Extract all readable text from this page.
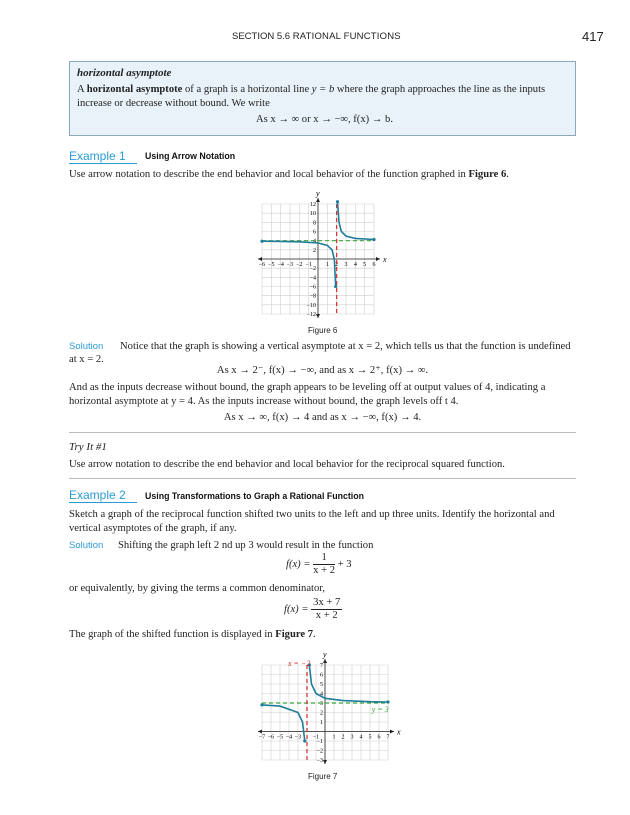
SECTION 5.6 RATIONAL FUNCTIONS	417
horizontal asymptote
A horizontal asymptote of a graph is a horizontal line y = b where the graph approaches the line as the inputs
increase or decrease without bound. We write
As x → ∞ or x → −∞, f(x) → b.
Example 1 Using Arrow Notation
Use arrow notation to describe the end behavior and local behavior of the function graphed in Figure 6.
x
y
−6 −5 −4 −3 −2 −1 1 2 3 4 5 6
−12
−10
−8
−6
−4
−2
2
4
6
8
10
12
Figure 6
Solution Notice that the graph is showing a vertical asymptote at x = 2, which tells us that the function is undefined
at x = 2.
As x → 2⁻, f(x) → −∞, and as x → 2⁺, f(x) → ∞.
And as the inputs decrease without bound, the graph appears to be leveling off at output values of 4, indicating a
horizontal asymptote at y = 4. As the inputs increase without bound, the graph levels off t 4.
As x → ∞, f(x) → 4 and as x → −∞, f(x) → 4.
Try It #1
Use arrow notation to describe the end behavior and local behavior for the reciprocal squared function.
Example 2 Using Transformations to Graph a Rational Function
Sketch a graph of the reciprocal function shifted two units to the left and up three units. Identify the horizontal and
vertical asymptotes of the graph, if any.
Solution Shifting the graph left 2 nd up 3 would result in the function
$f(x) = \frac{1}{x + 2} + 3$
or equivalently, by giving the terms a common denominator,
$f(x) = \frac{3x + 7}{x + 2}$
The graph of the shifted function is displayed in Figure 7.
x
y
−7 −6 −5 −4 −3 −1 1 2 3 4 5 6 7
−3
−2
−1
1
2
3
4
5
6
7
x = −2
y = 3
Figure 7
